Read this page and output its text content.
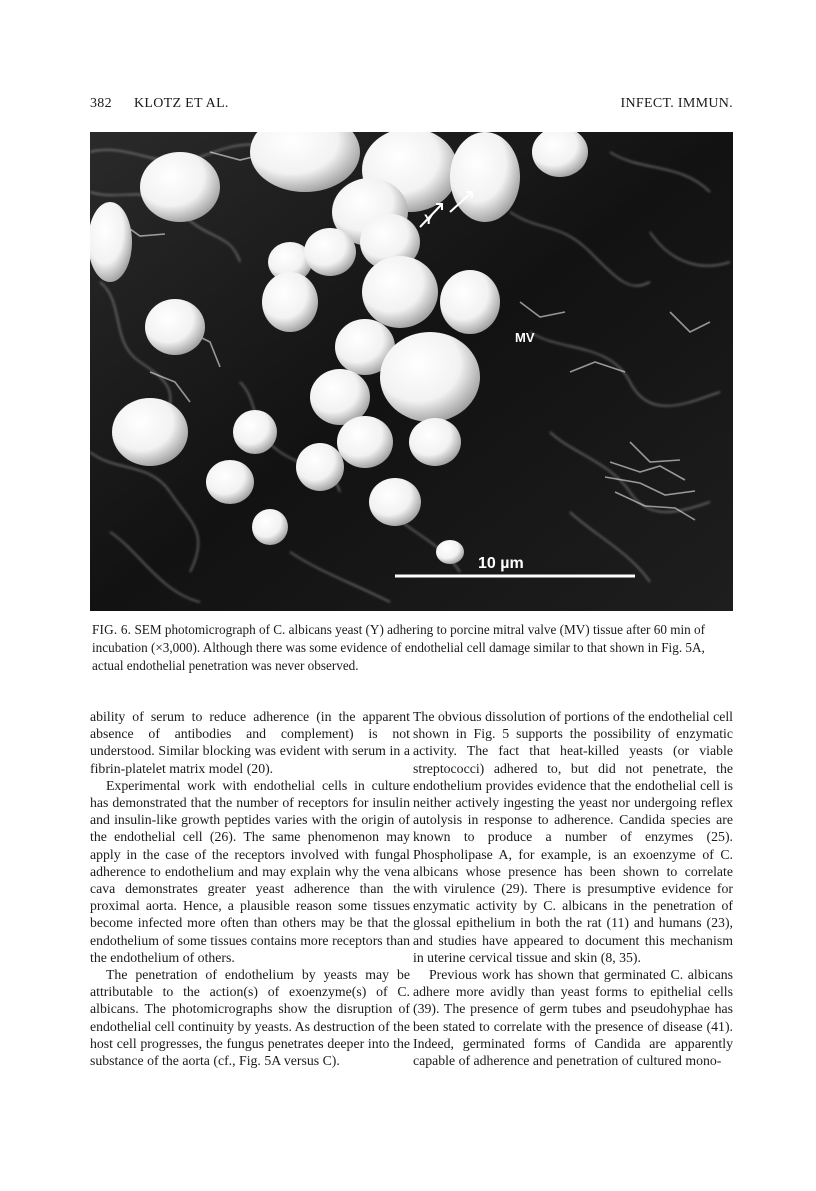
382 KLOTZ ET AL.	INFECT. IMMUN.
Y
MV
10 µm
FIG. 6. SEM photomicrograph of C. albicans yeast (Y) adhering to porcine mitral valve (MV) tissue after 60 min of incubation (×3,000). Although there was some evidence of endothelial cell damage similar to that shown in Fig. 5A, actual endothelial penetration was never observed.

ability of serum to reduce adherence (in the apparent absence of antibodies and complement) is not understood. Similar blocking was evident with serum in a fibrin-platelet matrix model (20).

Experimental work with endothelial cells in culture has demonstrated that the number of receptors for insulin and insulin-like growth peptides varies with the origin of the endothelial cell (26). The same phenomenon may apply in the case of the receptors involved with fungal adherence to endothelium and may explain why the vena cava demonstrates greater yeast adherence than the proximal aorta. Hence, a plausible reason some tissues become infected more often than others may be that the endothelium of some tissues contains more receptors than the endothelium of others.

The penetration of endothelium by yeasts may be attributable to the action(s) of exoenzyme(s) of C. albicans. The photomicrographs show the disruption of endothelial cell continuity by yeasts. As destruction of the host cell progresses, the fungus penetrates deeper into the substance of the aorta (cf., Fig. 5A versus C).

The obvious dissolution of portions of the endothelial cell shown in Fig. 5 supports the possibility of enzymatic activity. The fact that heat-killed yeasts (or viable streptococci) adhered to, but did not penetrate, the endothelium provides evidence that the endothelial cell is neither actively ingesting the yeast nor undergoing reflex autolysis in response to adherence. Candida species are known to produce a number of enzymes (25). Phospholipase A, for example, is an exoenzyme of C. albicans whose presence has been shown to correlate with virulence (29). There is presumptive evidence for enzymatic activity by C. albicans in the penetration of glossal epithelium in both the rat (11) and humans (23), and studies have appeared to document this mechanism in uterine cervical tissue and skin (8, 35).

Previous work has shown that germinated C. albicans adhere more avidly than yeast forms to epithelial cells (39). The presence of germ tubes and pseudohyphae has been stated to correlate with the presence of disease (41). Indeed, germinated forms of Candida are apparently capable of adherence and penetration of cultured mono-
